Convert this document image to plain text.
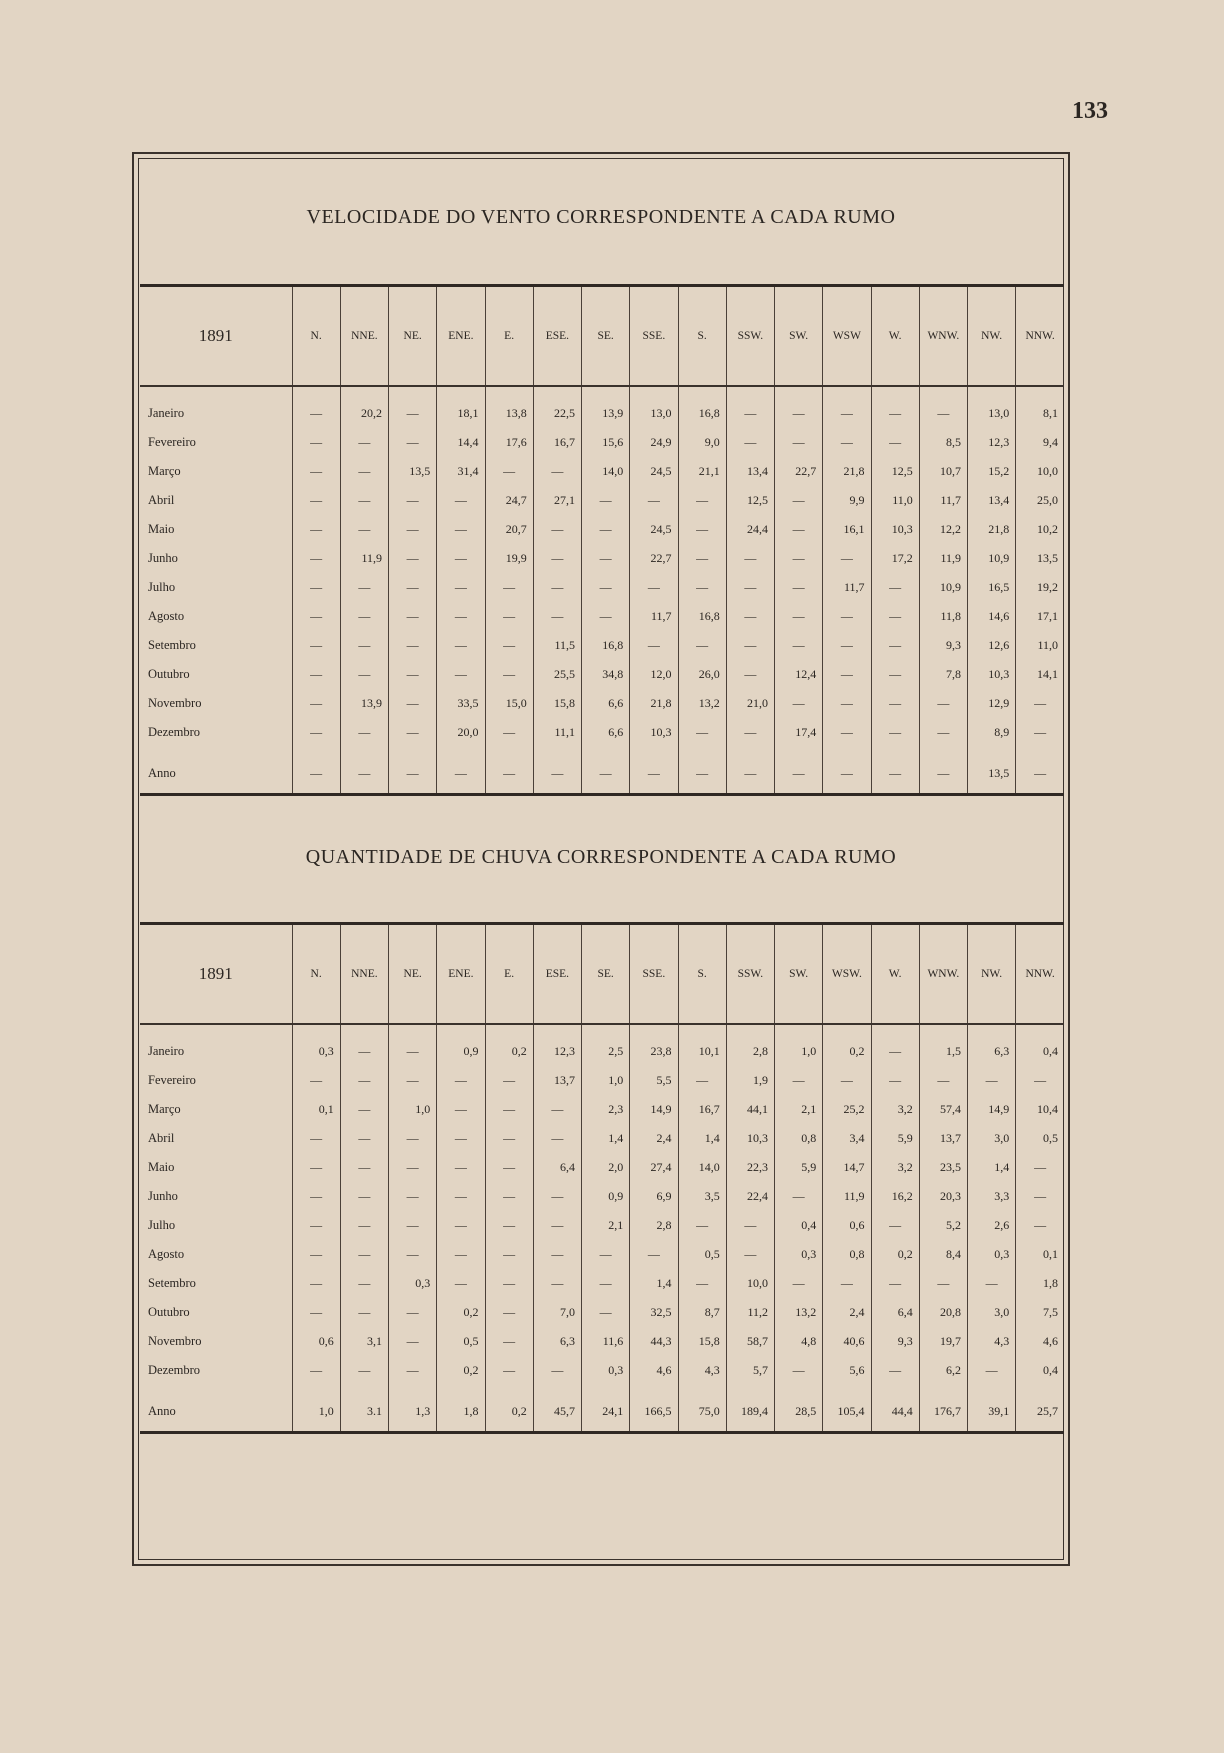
133
VELOCIDADE DO VENTO CORRESPONDENTE A CADA RUMO
1891	N.	NNE.	NE.	ENE.	E.	ESE.	SE.	SSE.	S.	SSW.	SW.	WSW	W.	WNW.	NW.	NNW.
Janeiro	—	20,2	—	18,1	13,8	22,5	13,9	13,0	16,8	—	—	—	—	—	13,0	8,1
Fevereiro	—	—	—	14,4	17,6	16,7	15,6	24,9	9,0	—	—	—	—	8,5	12,3	9,4
Março	—	—	13,5	31,4	—	—	14,0	24,5	21,1	13,4	22,7	21,8	12,5	10,7	15,2	10,0
Abril	—	—	—	—	24,7	27,1	—	—	—	12,5	—	9,9	11,0	11,7	13,4	25,0
Maio	—	—	—	—	20,7	—	—	24,5	—	24,4	—	16,1	10,3	12,2	21,8	10,2
Junho	—	11,9	—	—	19,9	—	—	22,7	—	—	—	—	17,2	11,9	10,9	13,5
Julho	—	—	—	—	—	—	—	—	—	—	—	11,7	—	10,9	16,5	19,2
Agosto	—	—	—	—	—	—	—	11,7	16,8	—	—	—	—	11,8	14,6	17,1
Setembro	—	—	—	—	—	11,5	16,8	—	—	—	—	—	—	9,3	12,6	11,0
Outubro	—	—	—	—	—	25,5	34,8	12,0	26,0	—	12,4	—	—	7,8	10,3	14,1
Novembro	—	13,9	—	33,5	15,0	15,8	6,6	21,8	13,2	21,0	—	—	—	—	12,9	—
Dezembro	—	—	—	20,0	—	11,1	6,6	10,3	—	—	17,4	—	—	—	8,9	—
Anno	—	—	—	—	—	—	—	—	—	—	—	—	—	—	13,5	—
QUANTIDADE DE CHUVA CORRESPONDENTE A CADA RUMO
1891	N.	NNE.	NE.	ENE.	E.	ESE.	SE.	SSE.	S.	SSW.	SW.	WSW.	W.	WNW.	NW.	NNW.
Janeiro	0,3	—	—	0,9	0,2	12,3	2,5	23,8	10,1	2,8	1,0	0,2	—	1,5	6,3	0,4
Fevereiro	—	—	—	—	—	13,7	1,0	5,5	—	1,9	—	—	—	—	—	—
Março	0,1	—	1,0	—	—	—	2,3	14,9	16,7	44,1	2,1	25,2	3,2	57,4	14,9	10,4
Abril	—	—	—	—	—	—	1,4	2,4	1,4	10,3	0,8	3,4	5,9	13,7	3,0	0,5
Maio	—	—	—	—	—	6,4	2,0	27,4	14,0	22,3	5,9	14,7	3,2	23,5	1,4	—
Junho	—	—	—	—	—	—	0,9	6,9	3,5	22,4	—	11,9	16,2	20,3	3,3	—
Julho	—	—	—	—	—	—	2,1	2,8	—	—	0,4	0,6	—	5,2	2,6	—
Agosto	—	—	—	—	—	—	—	—	0,5	—	0,3	0,8	0,2	8,4	0,3	0,1
Setembro	—	—	0,3	—	—	—	—	1,4	—	10,0	—	—	—	—	—	1,8
Outubro	—	—	—	0,2	—	7,0	—	32,5	8,7	11,2	13,2	2,4	6,4	20,8	3,0	7,5
Novembro	0,6	3,1	—	0,5	—	6,3	11,6	44,3	15,8	58,7	4,8	40,6	9,3	19,7	4,3	4,6
Dezembro	—	—	—	0,2	—	—	0,3	4,6	4,3	5,7	—	5,6	—	6,2	—	0,4
Anno	1,0	3.1	1,3	1,8	0,2	45,7	24,1	166,5	75,0	189,4	28,5	105,4	44,4	176,7	39,1	25,7
